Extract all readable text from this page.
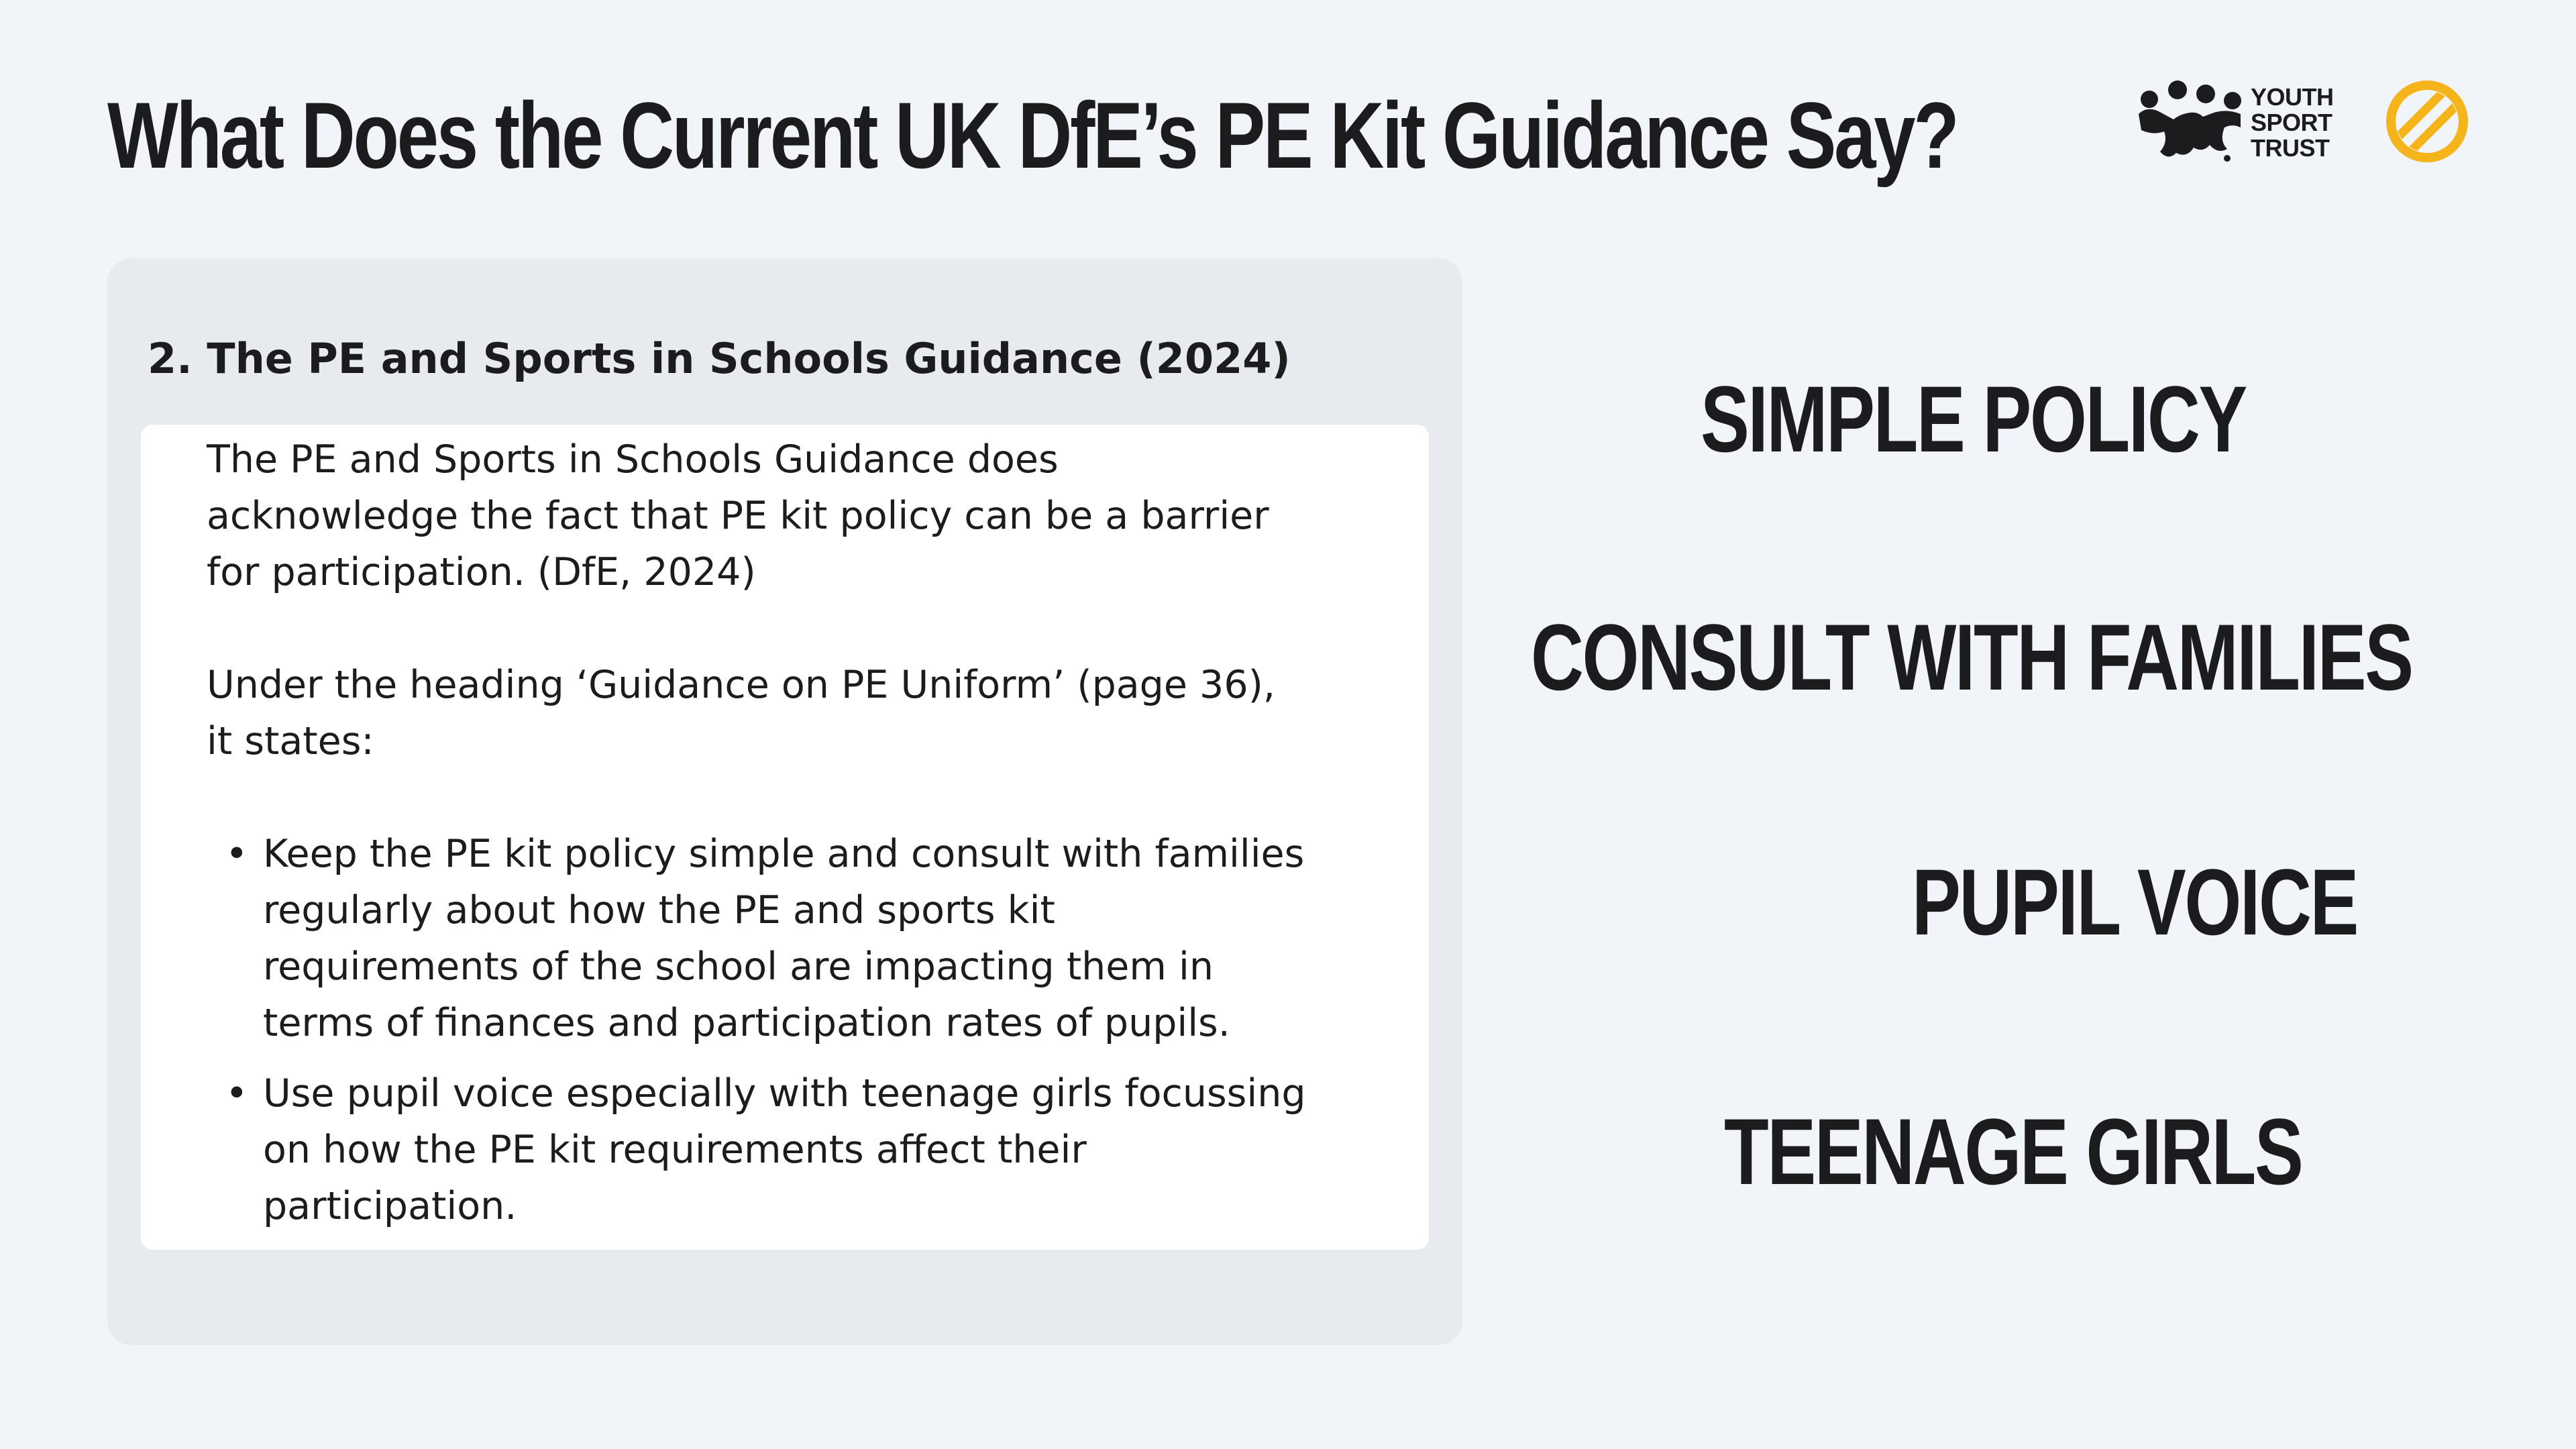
What Does the Current UK DfE’s PE Kit Guidance Say?	YOUTH
SPORT
TRUST
2. The PE and Sports in Schools Guidance (2024)

The PE and Sports in Schools Guidance does acknowledge the fact that PE kit policy can be a barrier for participation. (DfE, 2024)

Under the heading ‘Guidance on PE Uniform’ (page 36), it states:

• Keep the PE kit policy simple and consult with families regularly about how the PE and sports kit requirements of the school are impacting them in terms of finances and participation rates of pupils.
• Use pupil voice especially with teenage girls focussing on how the PE kit requirements affect their participation.
SIMPLE POLICY
CONSULT WITH FAMILIES
PUPIL VOICE
TEENAGE GIRLS
